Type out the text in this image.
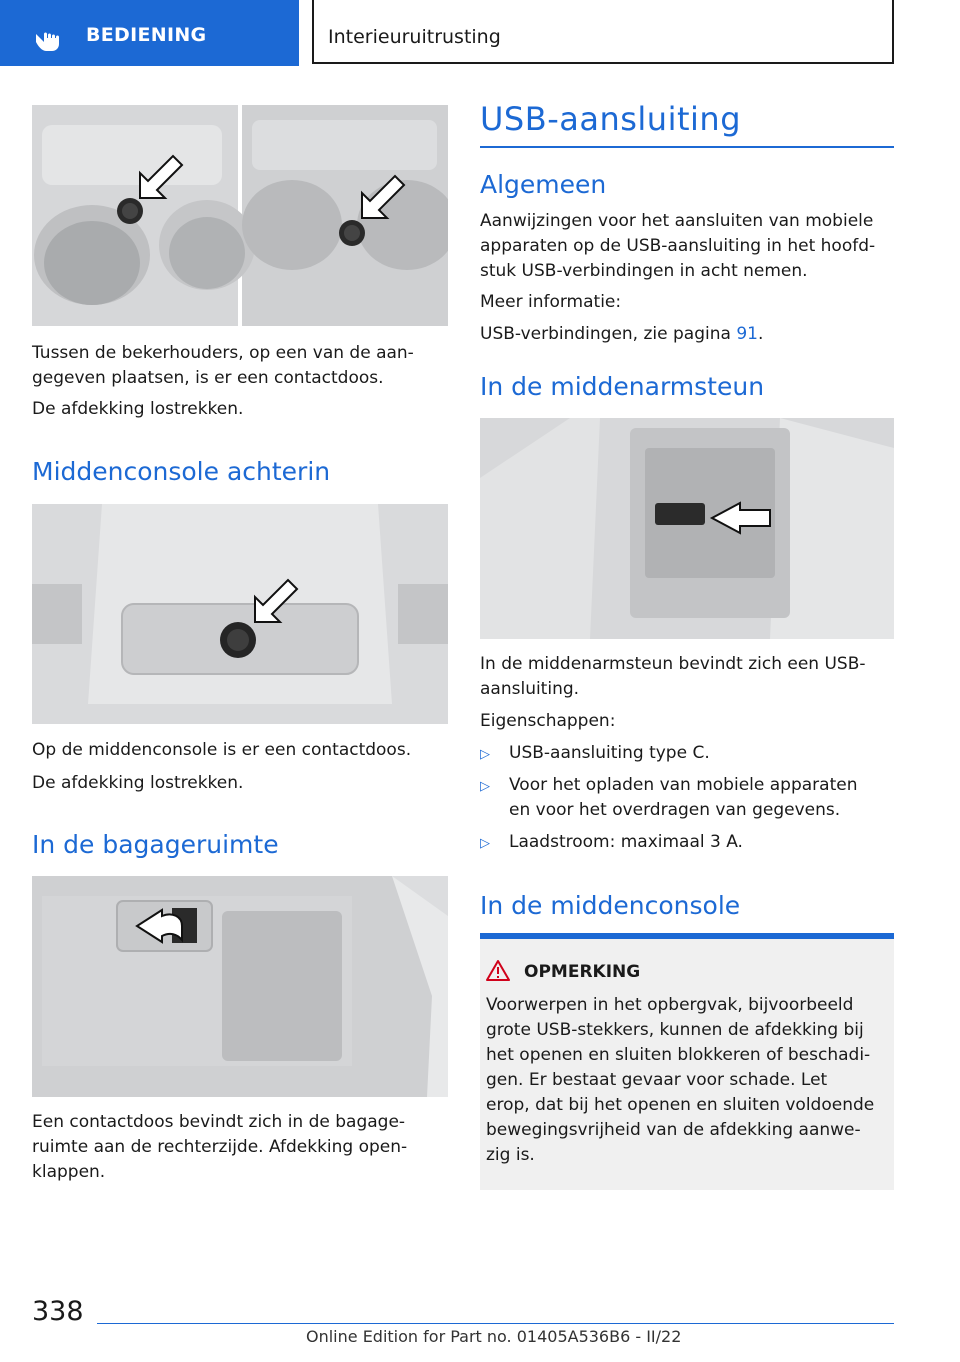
BEDIENING	Interieuruitrusting

Tussen de bekerhouders, op een van de aan-
gegeven plaatsen, is er een contactdoos.

De afdekking lostrekken.

Middenconsole achterin

Op de middenconsole is er een contactdoos.

De afdekking lostrekken.

In de bagageruimte

Een contactdoos bevindt zich in de bagage-
ruimte aan de rechterzijde. Afdekking open-
klappen.

USB-aansluiting
Algemeen

Aanwijzingen voor het aansluiten van mobiele
apparaten op de USB-aansluiting in het hoofd-
stuk USB-verbindingen in acht nemen.

Meer informatie:

USB-verbindingen, zie pagina 91.

In de middenarmsteun

In de middenarmsteun bevindt zich een USB-
aansluiting.

Eigenschappen:

▷ USB-aansluiting type C.
▷ Voor het opladen van mobiele apparaten
en voor het overdragen van gegevens.
▷ Laadstroom: maximaal 3 A.
In de middenconsole
OPMERKING

Voorwerpen in het opbergvak, bijvoorbeeld
grote USB-stekkers, kunnen de afdekking bij
het openen en sluiten blokkeren of beschadi-
gen. Er bestaat gevaar voor schade. Let
erop, dat bij het openen en sluiten voldoende
bewegingsvrijheid van de afdekking aanwe-
zig is.

338
Online Edition for Part no. 01405A536B6 - II/22
